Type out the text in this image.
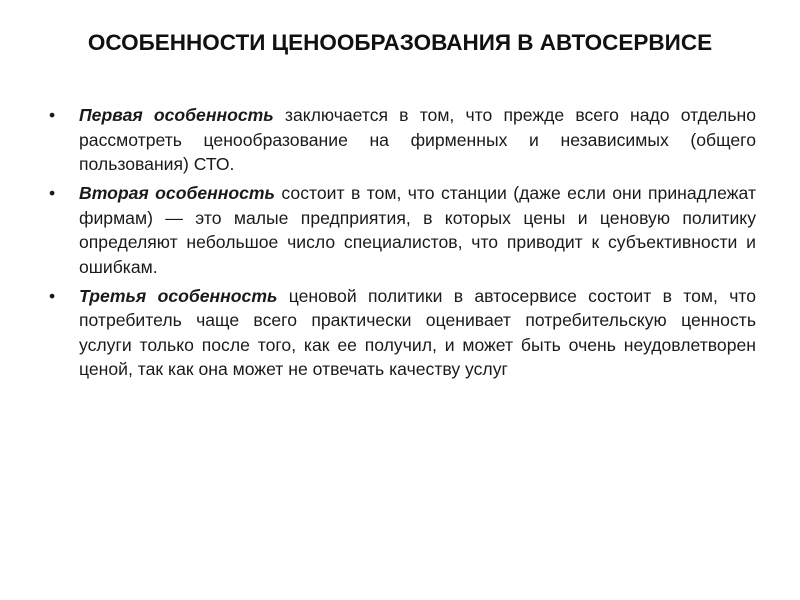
ОСОБЕННОСТИ ЦЕНООБРАЗОВАНИЯ В АВТОСЕРВИСЕ
• Первая особенность заключается в том, что прежде всего надо отдельно рассмотреть ценообразование на фирменных и независимых (общего пользования) СТО.
• Вторая особенность состоит в том, что станции (даже если они принадлежат фирмам) — это малые предприятия, в которых цены и ценовую политику определяют небольшое число специалистов, что приводит к субъективности и ошибкам.
• Третья особенность ценовой политики в автосервисе состоит в том, что потребитель чаще всего практически оценивает потребительскую ценность услуги только после того, как ее получил, и может быть очень неудовлетворен ценой, так как она может не отвечать качеству услуг
